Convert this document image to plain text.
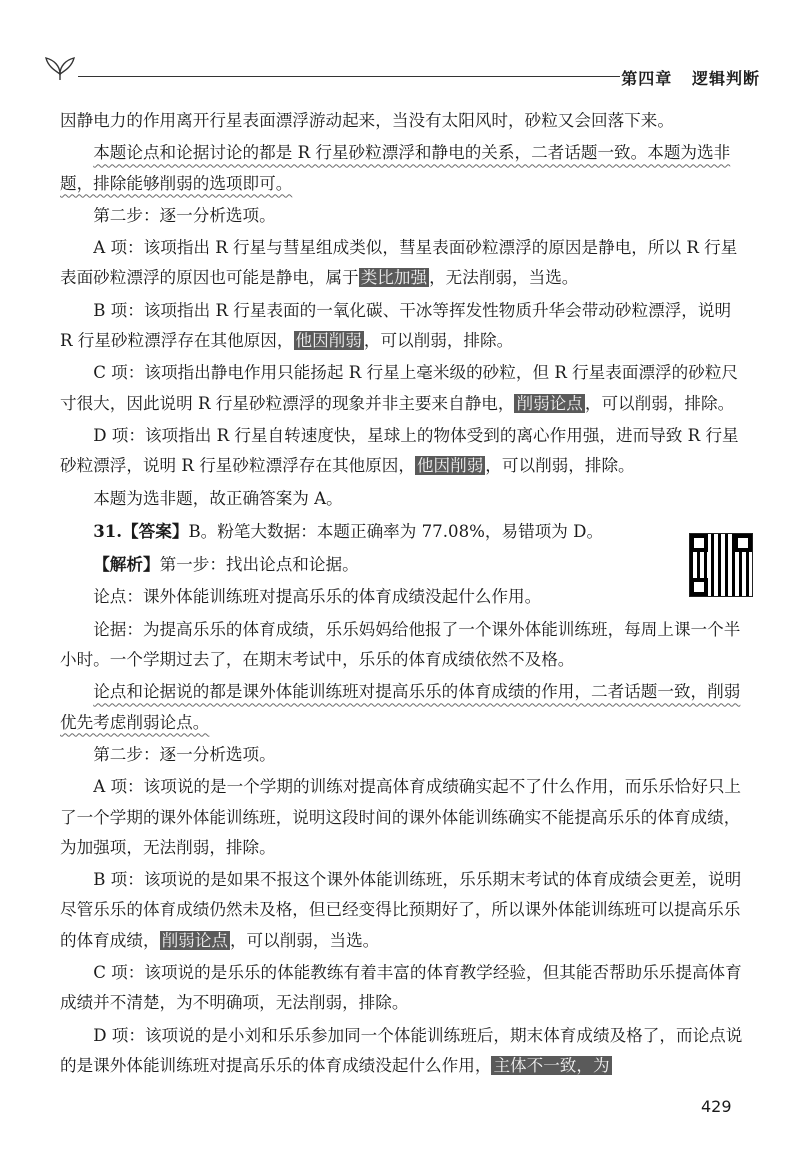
第四章   逻辑判断

因静电力的作用离开行星表面漂浮游动起来，当没有太阳风时，砂粒又会回落下来。

本题论点和论据讨论的都是 R 行星砂粒漂浮和静电的关系，二者话题一致。本题为选非题，排除能够削弱的选项即可。

第二步：逐一分析选项。

A 项：该项指出 R 行星与彗星组成类似，彗星表面砂粒漂浮的原因是静电，所以 R 行星表面砂粒漂浮的原因也可能是静电，属于 类比加强 ，无法削弱，当选。

B 项：该项指出 R 行星表面的一氧化碳、干冰等挥发性物质升华会带动砂粒漂浮，说明 R 行星砂粒漂浮存在其他原因， 他因削弱 ，可以削弱，排除。

C 项：该项指出静电作用只能扬起 R 行星上毫米级的砂粒，但 R 行星表面漂浮的砂粒尺寸很大，因此说明 R 行星砂粒漂浮的现象并非主要来自静电， 削弱论点 ，可以削弱，排除。

D 项：该项指出 R 行星自转速度快，星球上的物体受到的离心作用强，进而导致 R 行星砂粒漂浮，说明 R 行星砂粒漂浮存在其他原因， 他因削弱 ，可以削弱，排除。

本题为选非题，故正确答案为 A。

31.【答案】B。粉笔大数据：本题正确率为 77.08%，易错项为 D。

【解析】第一步：找出论点和论据。

论点：课外体能训练班对提高乐乐的体育成绩没起什么作用。

论据：为提高乐乐的体育成绩，乐乐妈妈给他报了一个课外体能训练班，每周上课一个半小时。一个学期过去了，在期末考试中，乐乐的体育成绩依然不及格。

论点和论据说的都是课外体能训练班对提高乐乐的体育成绩的作用，二者话题一致，削弱优先考虑削弱论点。

第二步：逐一分析选项。

A 项：该项说的是一个学期的训练对提高体育成绩确实起不了什么作用，而乐乐恰好只上了一个学期的课外体能训练班，说明这段时间的课外体能训练确实不能提高乐乐的体育成绩，为加强项，无法削弱，排除。

B 项：该项说的是如果不报这个课外体能训练班，乐乐期末考试的体育成绩会更差，说明尽管乐乐的体育成绩仍然未及格，但已经变得比预期好了，所以课外体能训练班可以提高乐乐的体育成绩， 削弱论点 ，可以削弱，当选。

C 项：该项说的是乐乐的体能教练有着丰富的体育教学经验，但其能否帮助乐乐提高体育成绩并不清楚，为不明确项，无法削弱，排除。

D 项：该项说的是小刘和乐乐参加同一个体能训练班后，期末体育成绩及格了，而论点说的是课外体能训练班对提高乐乐的体育成绩没起什么作用， 主体不一致，为

429
